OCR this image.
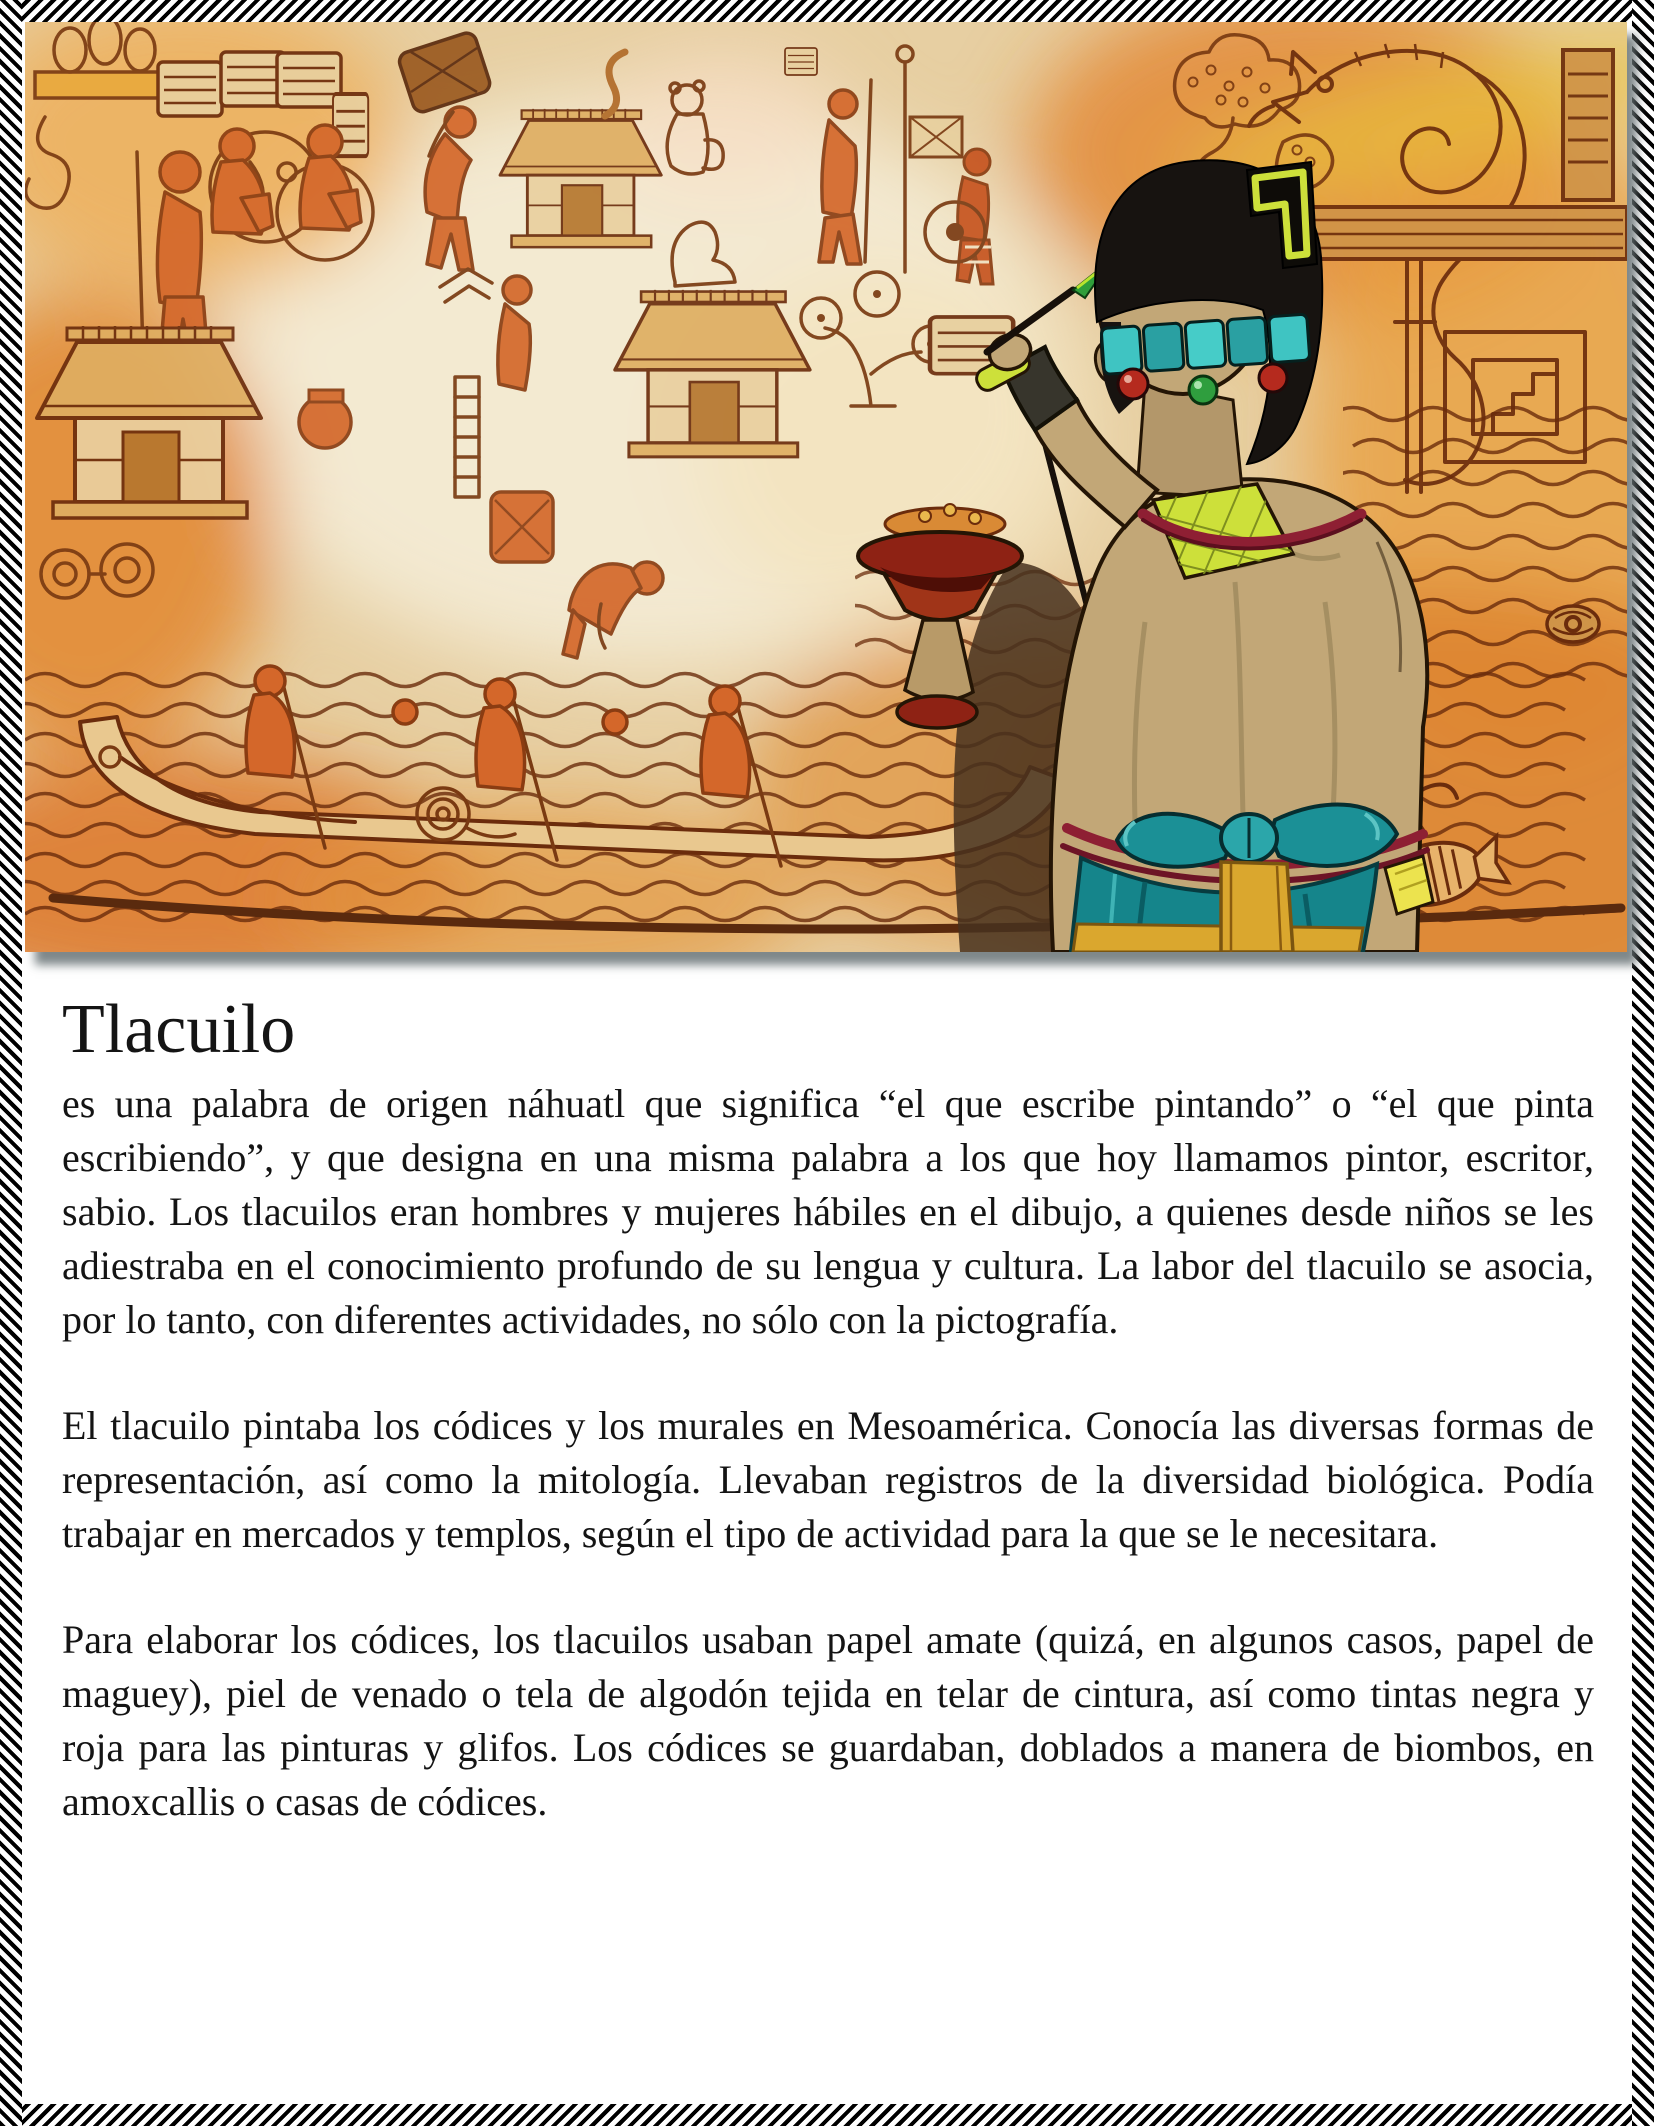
Tlacuilo

es una palabra de origen náhuatl que significa “el que escribe pintando” o “el que pinta escribiendo”, y que designa en una misma palabra a los que hoy llamamos pintor, escritor, sabio. Los tlacuilos eran hombres y mujeres hábiles en el dibujo, a quienes desde niños se les adiestraba en el conocimiento profundo de su lengua y cultura. La labor del tlacuilo se asocia, por lo tanto, con diferentes actividades, no sólo con la pictografía.

El tlacuilo pintaba los códices y los murales en Mesoamérica. Conocía las diversas formas de representación, así como la mitología. Llevaban registros de la diversidad biológica. Podía trabajar en mercados y templos, según el tipo de actividad para la que se le necesitara.

Para elaborar los códices, los tlacuilos usaban papel amate (quizá, en algunos casos, papel de maguey), piel de venado o tela de algodón tejida en telar de cintura, así como tintas negra y roja para las pinturas y glifos. Los códices se guardaban, doblados a manera de biombos, en amoxcallis o casas de códices.
